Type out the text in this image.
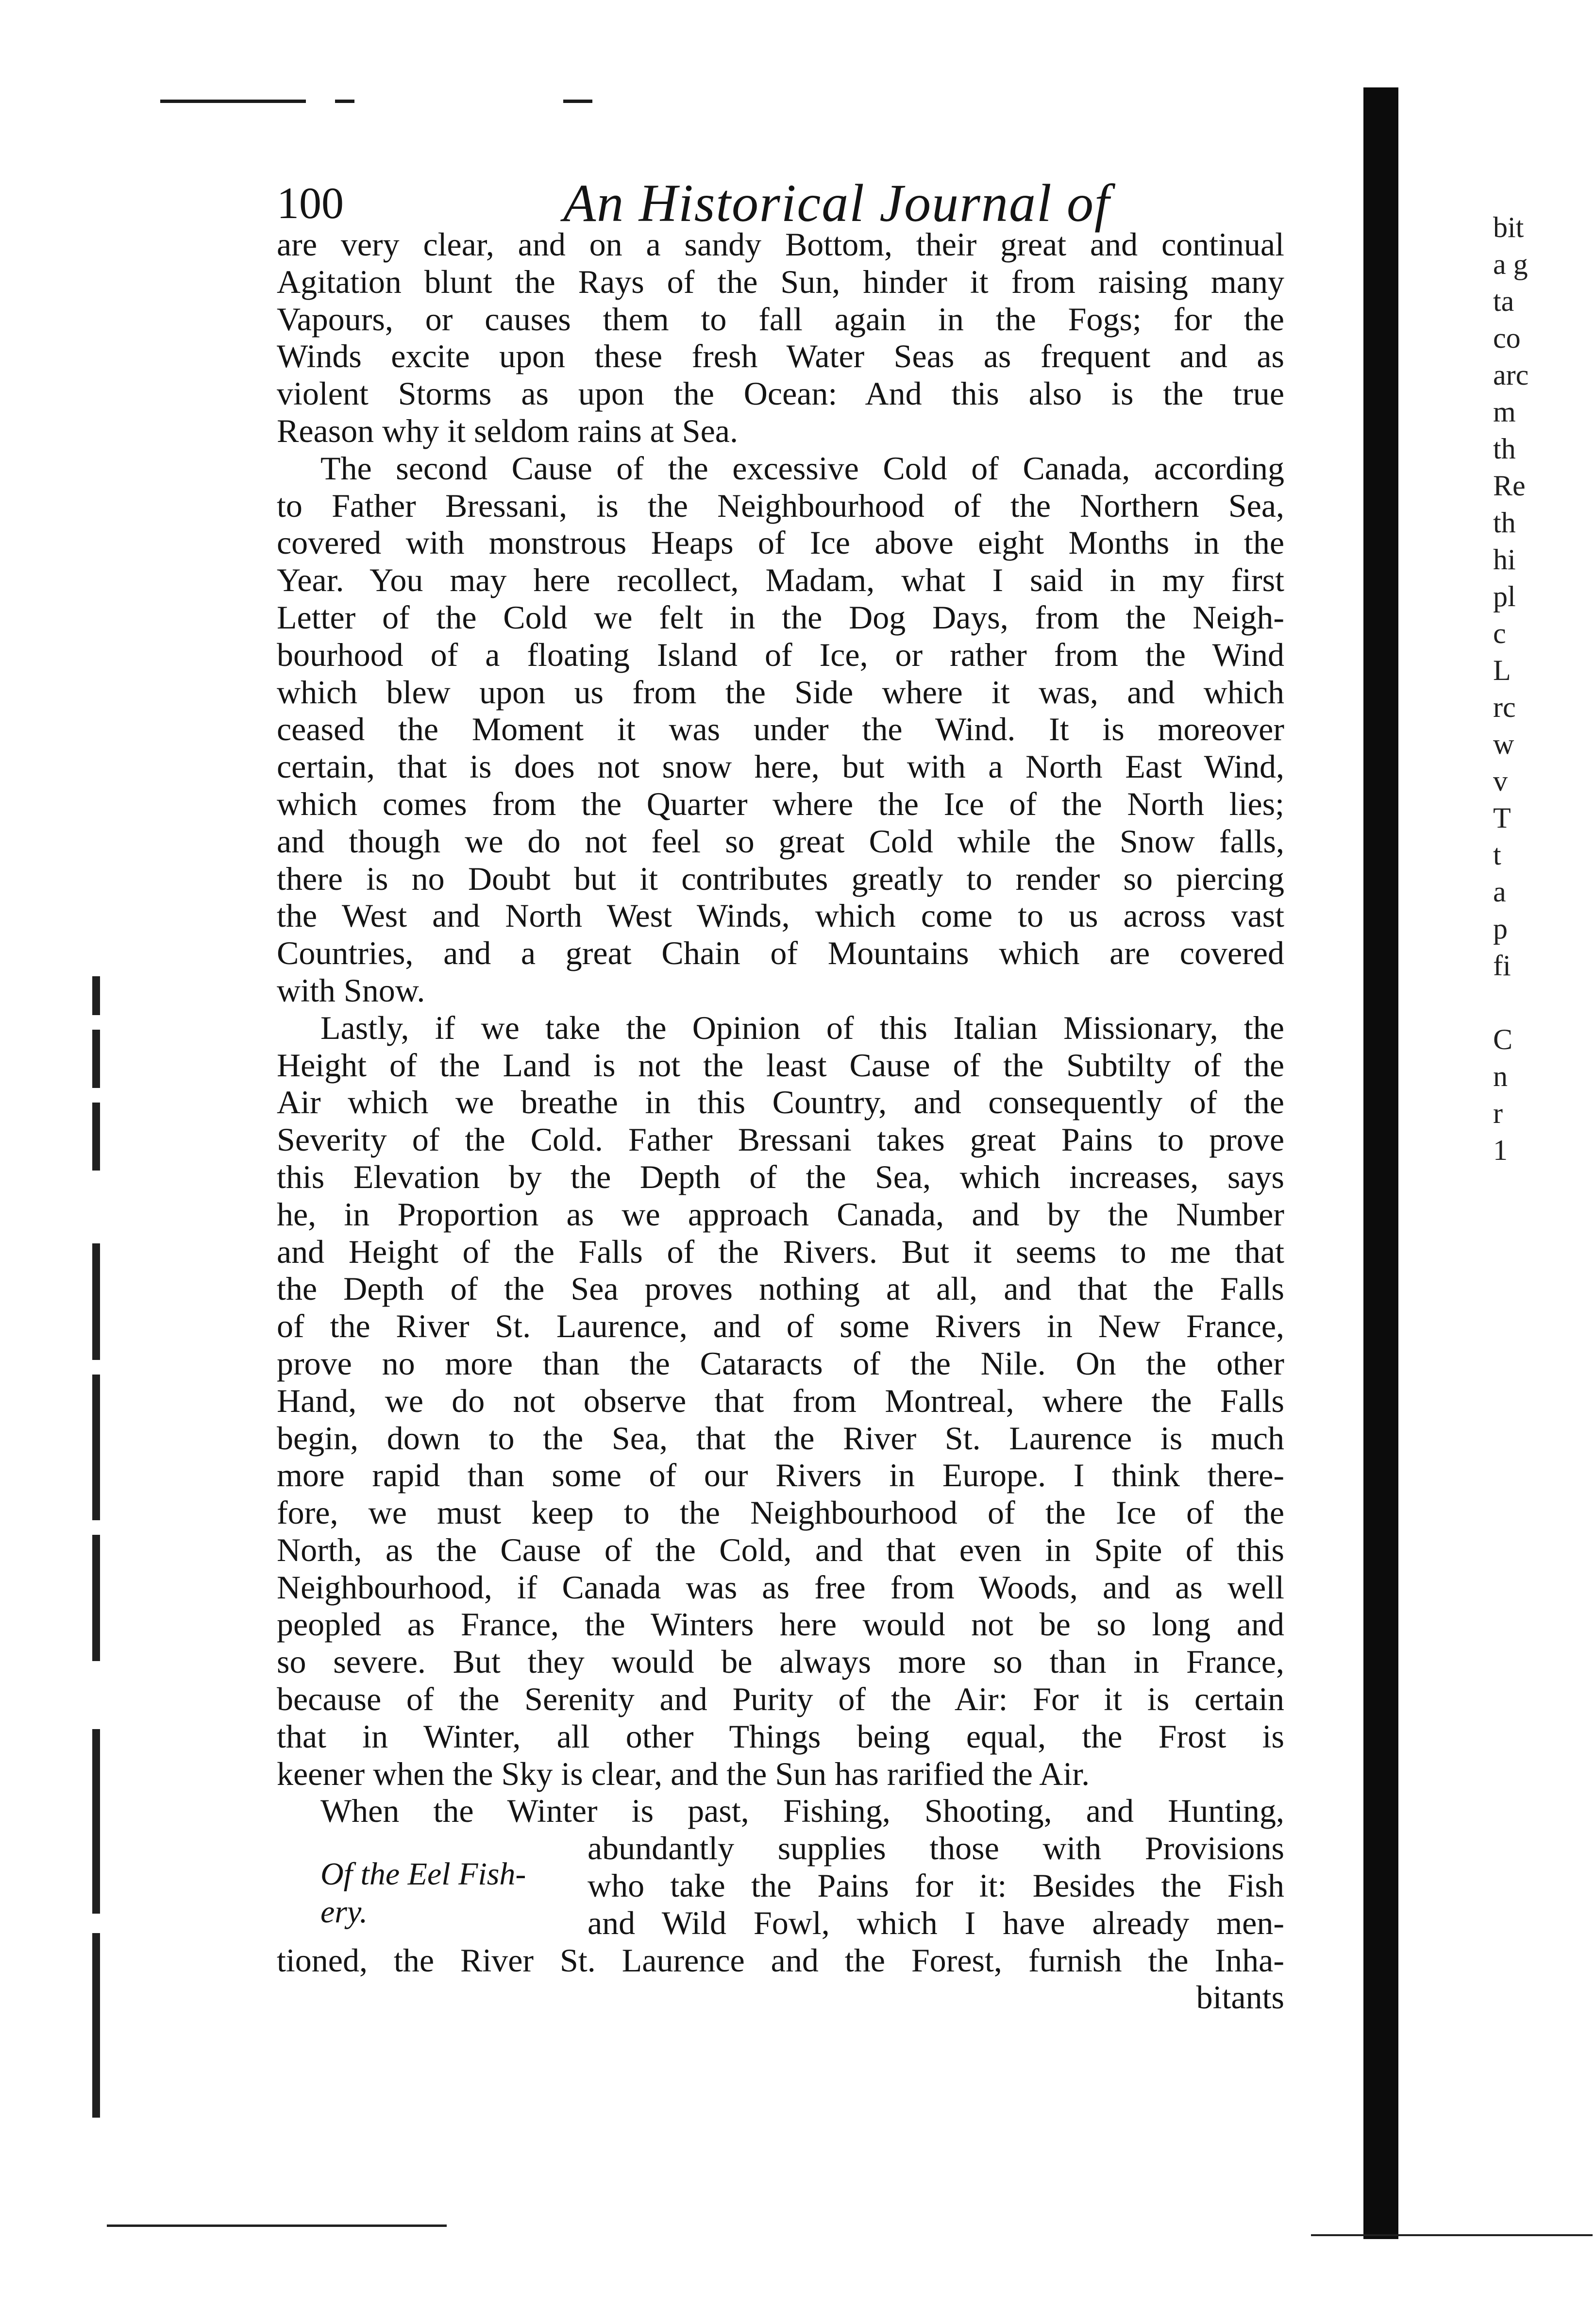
100	An Historical Journal of
are very clear, and on a sandy Bottom, their great and continual
Agitation blunt the Rays of the Sun, hinder it from raising many
Vapours, or causes them to fall again in the Fogs; for the
Winds excite upon these fresh Water Seas as frequent and as
violent Storms as upon the Ocean: And this also is the true
Reason why it seldom rains at Sea.
The second Cause of the excessive Cold of Canada, according
to Father Bressani, is the Neighbourhood of the Northern Sea,
covered with monstrous Heaps of Ice above eight Months in the
Year. You may here recollect, Madam, what I said in my first
Letter of the Cold we felt in the Dog Days, from the Neigh-
bourhood of a floating Island of Ice, or rather from the Wind
which blew upon us from the Side where it was, and which
ceased the Moment it was under the Wind. It is moreover
certain, that is does not snow here, but with a North East Wind,
which comes from the Quarter where the Ice of the North lies;
and though we do not feel so great Cold while the Snow falls,
there is no Doubt but it contributes greatly to render so piercing
the West and North West Winds, which come to us across vast
Countries, and a great Chain of Mountains which are covered
with Snow.
Lastly, if we take the Opinion of this Italian Missionary, the
Height of the Land is not the least Cause of the Subtilty of the
Air which we breathe in this Country, and consequently of the
Severity of the Cold. Father Bressani takes great Pains to prove
this Elevation by the Depth of the Sea, which increases, says
he, in Proportion as we approach Canada, and by the Number
and Height of the Falls of the Rivers. But it seems to me that
the Depth of the Sea proves nothing at all, and that the Falls
of the River St. Laurence, and of some Rivers in New France,
prove no more than the Cataracts of the Nile. On the other
Hand, we do not observe that from Montreal, where the Falls
begin, down to the Sea, that the River St. Laurence is much
more rapid than some of our Rivers in Europe. I think there-
fore, we must keep to the Neighbourhood of the Ice of the
North, as the Cause of the Cold, and that even in Spite of this
Neighbourhood, if Canada was as free from Woods, and as well
peopled as France, the Winters here would not be so long and
so severe. But they would be always more so than in France,
because of the Serenity and Purity of the Air: For it is certain
that in Winter, all other Things being equal, the Frost is
keener when the Sky is clear, and the Sun has rarified the Air.
When the Winter is past, Fishing, Shooting, and Hunting,
abundantly supplies those with Provisions
who take the Pains for it: Besides the Fish
and Wild Fowl, which I have already men-
tioned, the River St. Laurence and the Forest, furnish the Inha-
bitants
Of the Eel Fish-
ery.
bit
a g
ta
co
arc
m
th
Re
th
hi
pl
c
L
rc
w
v
T
t
a
p
fi
C
n
r
1
